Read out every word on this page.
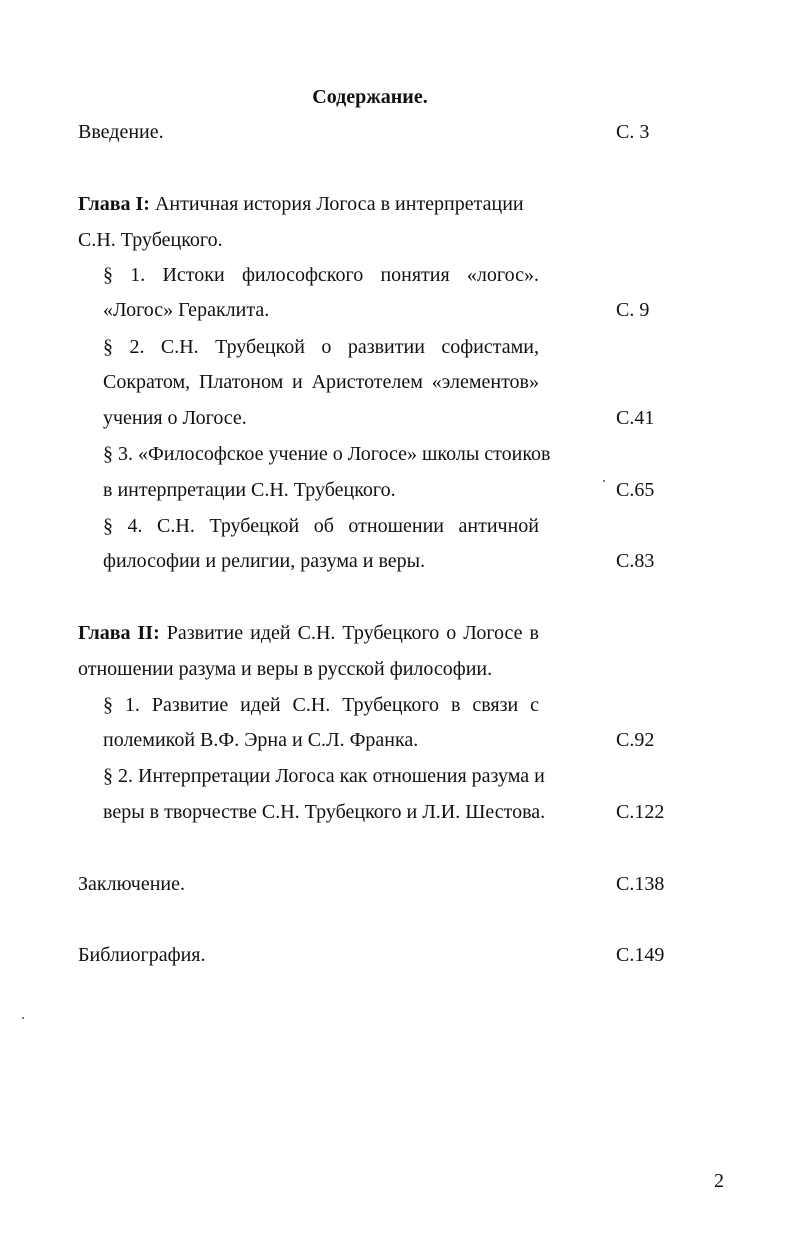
Содержание.
Введение.	С. 3
Глава I: Античная история Логоса в интерпретации
С.Н. Трубецкого.
§ 1. Истоки философского понятия «логос».
«Логос» Гераклита.	С. 9
§ 2. С.Н. Трубецкой о развитии софистами,
Сократом, Платоном и Аристотелем «элементов»
учения о Логосе.	С.41
§ 3. «Философское учение о Логосе» школы стоиков
в интерпретации С.Н. Трубецкого.	С.65
§ 4. С.Н. Трубецкой об отношении античной
философии и религии, разума и веры.	С.83
Глава II: Развитие идей С.Н. Трубецкого о Логосе в
отношении разума и веры в русской философии.
§ 1. Развитие идей С.Н. Трубецкого в связи с
полемикой В.Ф. Эрна и С.Л. Франка.	С.92
§ 2. Интерпретации Логоса как отношения разума и
веры в творчестве С.Н. Трубецкого и Л.И. Шестова.	С.122
Заключение.	С.138
Библиография.	С.149
2
